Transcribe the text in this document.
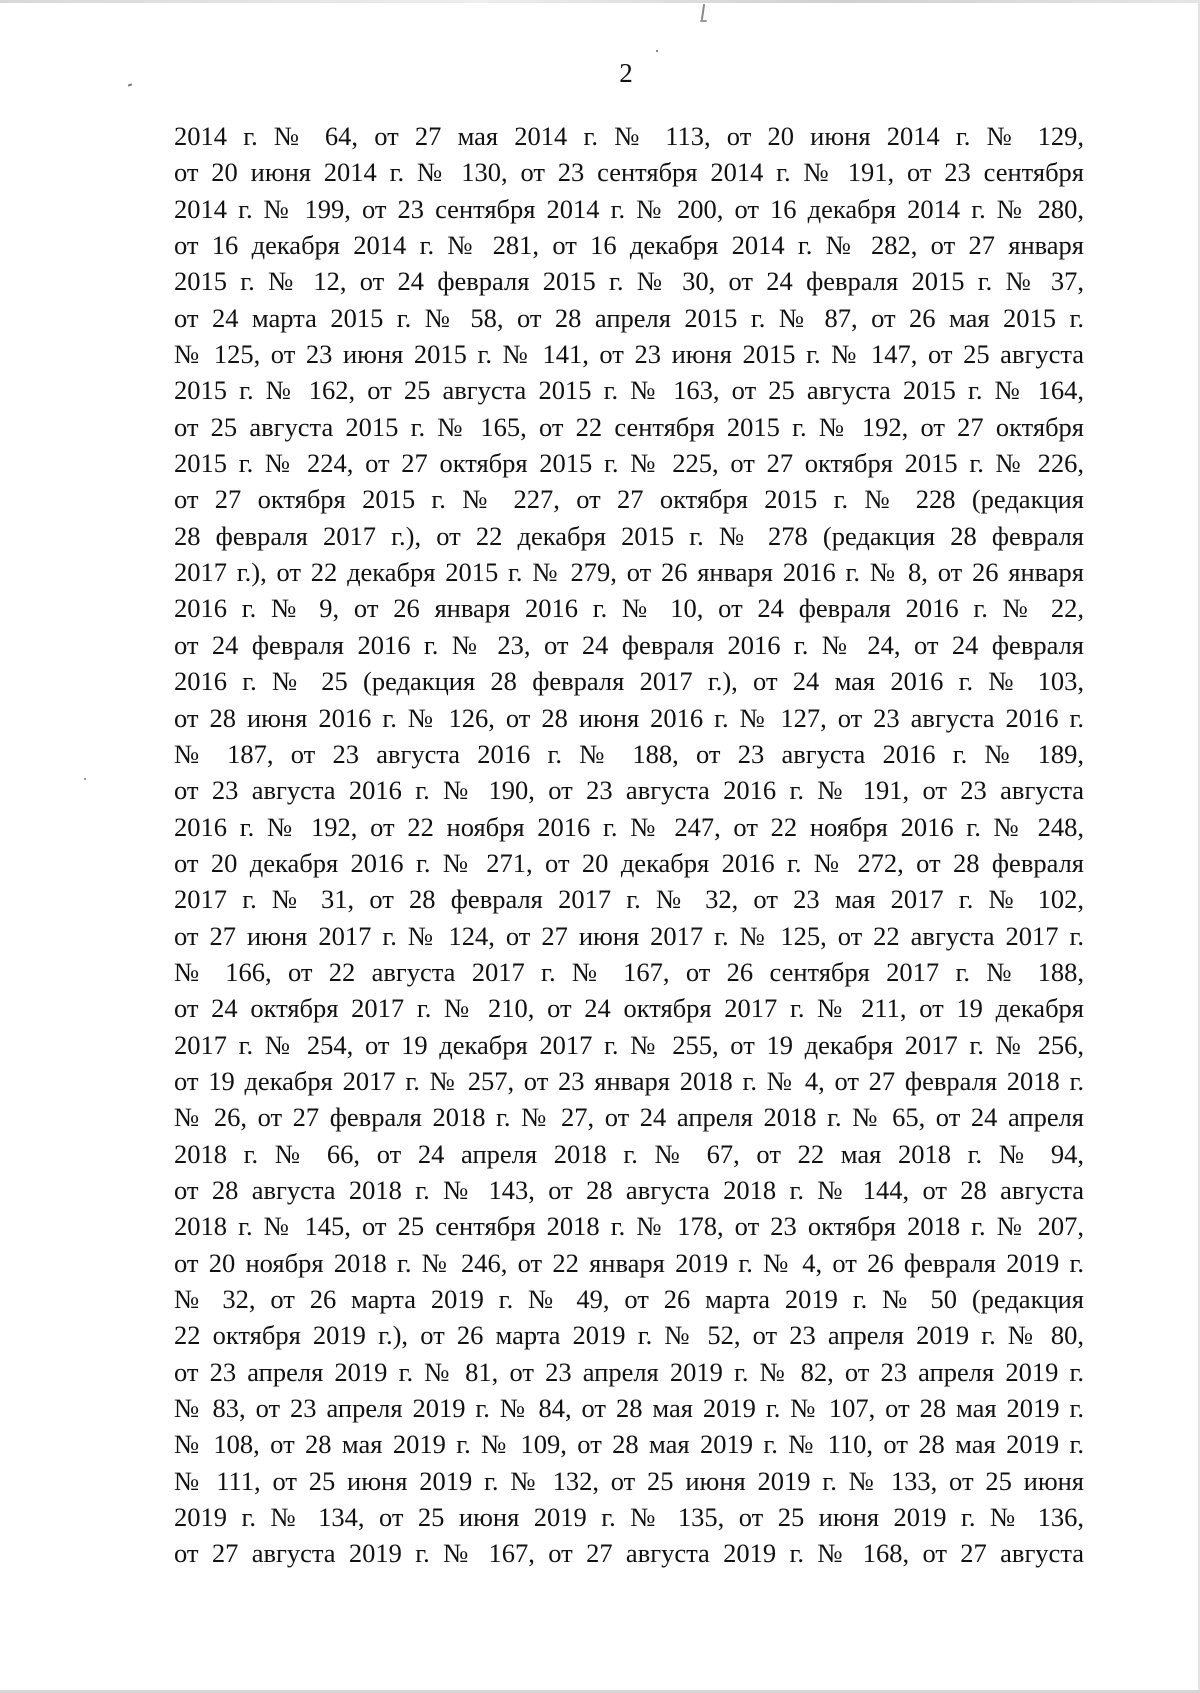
2
2014 г. № 64, от 27 мая 2014 г. № 113, от 20 июня 2014 г. № 129,
от 20 июня 2014 г. № 130, от 23 сентября 2014 г. № 191, от 23 сентября
2014 г. № 199, от 23 сентября 2014 г. № 200, от 16 декабря 2014 г. № 280,
от 16 декабря 2014 г. № 281, от 16 декабря 2014 г. № 282, от 27 января
2015 г. № 12, от 24 февраля 2015 г. № 30, от 24 февраля 2015 г. № 37,
от 24 марта 2015 г. № 58, от 28 апреля 2015 г. № 87, от 26 мая 2015 г.
№ 125, от 23 июня 2015 г. № 141, от 23 июня 2015 г. № 147, от 25 августа
2015 г. № 162, от 25 августа 2015 г. № 163, от 25 августа 2015 г. № 164,
от 25 августа 2015 г. № 165, от 22 сентября 2015 г. № 192, от 27 октября
2015 г. № 224, от 27 октября 2015 г. № 225, от 27 октября 2015 г. № 226,
от 27 октября 2015 г. № 227, от 27 октября 2015 г. № 228 (редакция
28 февраля 2017 г.), от 22 декабря 2015 г. № 278 (редакция 28 февраля
2017 г.), от 22 декабря 2015 г. № 279, от 26 января 2016 г. № 8, от 26 января
2016 г. № 9, от 26 января 2016 г. № 10, от 24 февраля 2016 г. № 22,
от 24 февраля 2016 г. № 23, от 24 февраля 2016 г. № 24, от 24 февраля
2016 г. № 25 (редакция 28 февраля 2017 г.), от 24 мая 2016 г. № 103,
от 28 июня 2016 г. № 126, от 28 июня 2016 г. № 127, от 23 августа 2016 г.
№ 187, от 23 августа 2016 г. № 188, от 23 августа 2016 г. № 189,
от 23 августа 2016 г. № 190, от 23 августа 2016 г. № 191, от 23 августа
2016 г. № 192, от 22 ноября 2016 г. № 247, от 22 ноября 2016 г. № 248,
от 20 декабря 2016 г. № 271, от 20 декабря 2016 г. № 272, от 28 февраля
2017 г. № 31, от 28 февраля 2017 г. № 32, от 23 мая 2017 г. № 102,
от 27 июня 2017 г. № 124, от 27 июня 2017 г. № 125, от 22 августа 2017 г.
№ 166, от 22 августа 2017 г. № 167, от 26 сентября 2017 г. № 188,
от 24 октября 2017 г. № 210, от 24 октября 2017 г. № 211, от 19 декабря
2017 г. № 254, от 19 декабря 2017 г. № 255, от 19 декабря 2017 г. № 256,
от 19 декабря 2017 г. № 257, от 23 января 2018 г. № 4, от 27 февраля 2018 г.
№ 26, от 27 февраля 2018 г. № 27, от 24 апреля 2018 г. № 65, от 24 апреля
2018 г. № 66, от 24 апреля 2018 г. № 67, от 22 мая 2018 г. № 94,
от 28 августа 2018 г. № 143, от 28 августа 2018 г. № 144, от 28 августа
2018 г. № 145, от 25 сентября 2018 г. № 178, от 23 октября 2018 г. № 207,
от 20 ноября 2018 г. № 246, от 22 января 2019 г. № 4, от 26 февраля 2019 г.
№ 32, от 26 марта 2019 г. № 49, от 26 марта 2019 г. № 50 (редакция
22 октября 2019 г.), от 26 марта 2019 г. № 52, от 23 апреля 2019 г. № 80,
от 23 апреля 2019 г. № 81, от 23 апреля 2019 г. № 82, от 23 апреля 2019 г.
№ 83, от 23 апреля 2019 г. № 84, от 28 мая 2019 г. № 107, от 28 мая 2019 г.
№ 108, от 28 мая 2019 г. № 109, от 28 мая 2019 г. № 110, от 28 мая 2019 г.
№ 111, от 25 июня 2019 г. № 132, от 25 июня 2019 г. № 133, от 25 июня
2019 г. № 134, от 25 июня 2019 г. № 135, от 25 июня 2019 г. № 136,
от 27 августа 2019 г. № 167, от 27 августа 2019 г. № 168, от 27 августа
